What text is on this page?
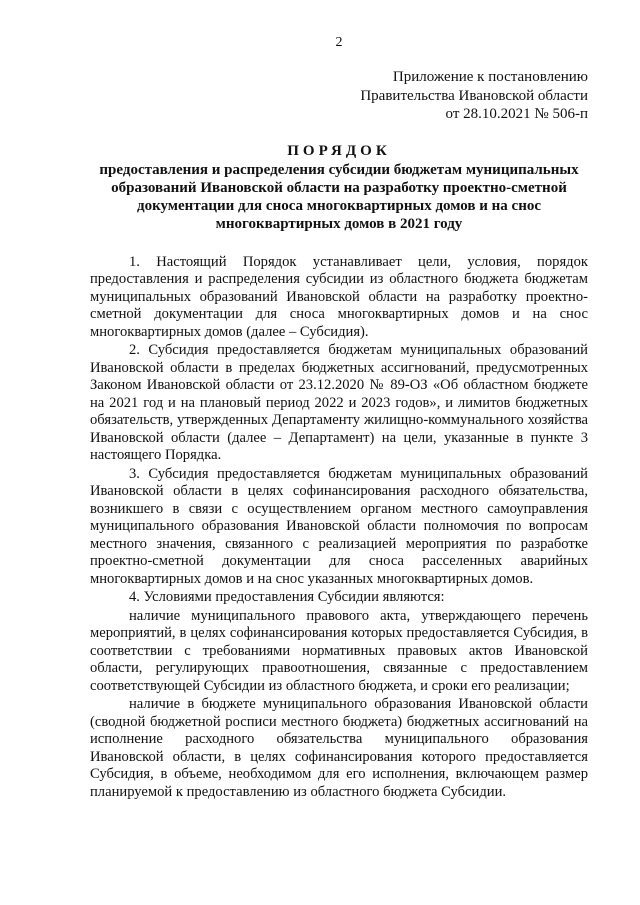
2
Приложение к постановлению
Правительства Ивановской области
от 28.10.2021 № 506-п
ПОРЯДОК
предоставления и распределения субсидии бюджетам муниципальных
образований Ивановской области на разработку проектно-сметной
документации для сноса многоквартирных домов и на снос
многоквартирных домов в 2021 году

1. Настоящий Порядок устанавливает цели, условия, порядок предоставления и распределения субсидии из областного бюджета бюджетам муниципальных образований Ивановской области на разработку проектно-сметной документации для сноса многоквартирных домов и на снос многоквартирных домов (далее – Субсидия).

2. Субсидия предоставляется бюджетам муниципальных образований Ивановской области в пределах бюджетных ассигнований, предусмотренных Законом Ивановской области от 23.12.2020 № 89-ОЗ «Об областном бюджете на 2021 год и на плановый период 2022 и 2023 годов», и лимитов бюджетных обязательств, утвержденных Департаменту жилищно-коммунального хозяйства Ивановской области (далее – Департамент) на цели, указанные в пункте 3 настоящего Порядка.

3. Субсидия предоставляется бюджетам муниципальных образований Ивановской области в целях софинансирования расходного обязательства, возникшего в связи с осуществлением органом местного самоуправления муниципального образования Ивановской области полномочия по вопросам местного значения, связанного с реализацией мероприятия по разработке проектно-сметной документации для сноса расселенных аварийных многоквартирных домов и на снос указанных многоквартирных домов.

4. Условиями предоставления Субсидии являются:

наличие муниципального правового акта, утверждающего перечень мероприятий, в целях софинансирования которых предоставляется Субсидия, в соответствии с требованиями нормативных правовых актов Ивановской области, регулирующих правоотношения, связанные с предоставлением соответствующей Субсидии из областного бюджета, и сроки его реализации;

наличие в бюджете муниципального образования Ивановской области (сводной бюджетной росписи местного бюджета) бюджетных ассигнований на исполнение расходного обязательства муниципального образования Ивановской области, в целях софинансирования которого предоставляется Субсидия, в объеме, необходимом для его исполнения, включающем размер планируемой к предоставлению из областного бюджета Субсидии.
